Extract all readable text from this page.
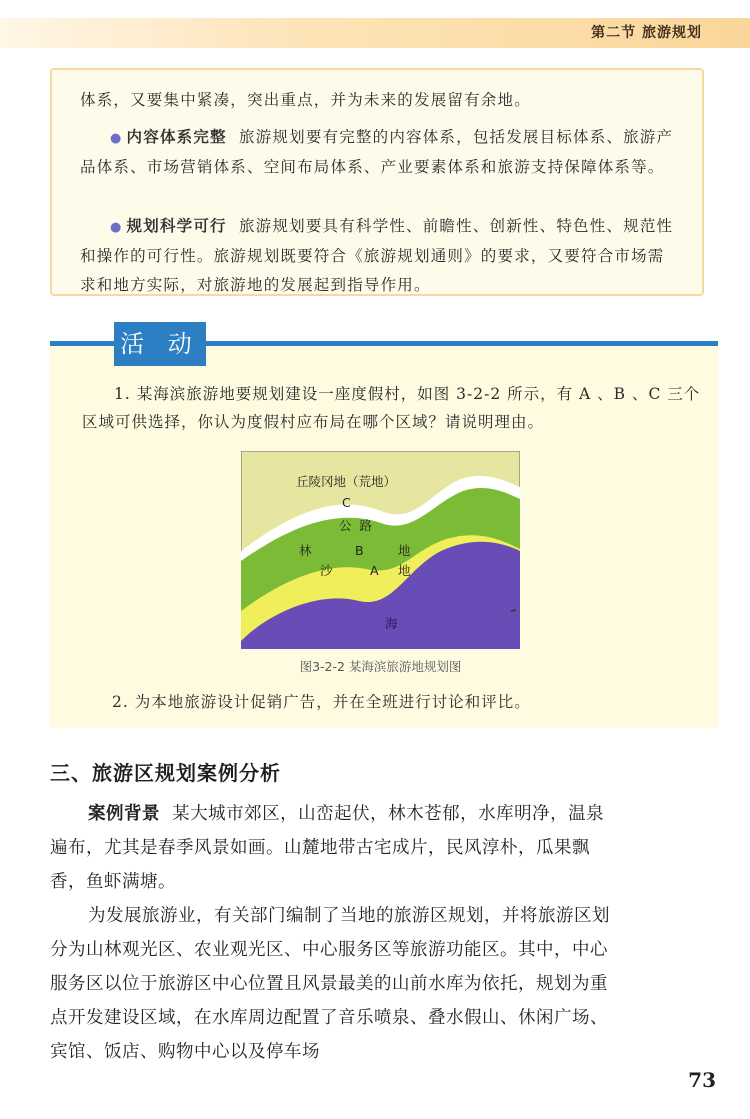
第二节 旅游规划

体系，又要集中紧凑，突出重点，并为未来的发展留有余地。

● 内容体系完整 旅游规划要有完整的内容体系，包括发展目标体系、旅游产品体系、市场营销体系、空间布局体系、产业要素体系和旅游支持保障体系等。

● 规划科学可行 旅游规划要具有科学性、前瞻性、创新性、特色性、规范性和操作的可行性。旅游规划既要符合《旅游规划通则》的要求，又要符合市场需求和地方实际，对旅游地的发展起到指导作用。

活 动

1. 某海滨旅游地要规划建设一座度假村，如图 3-2-2 所示，有 A 、B 、C 三个区域可供选择，你认为度假村应布局在哪个区域？请说明理由。

丘陵冈地（荒地）
C
公  路
林	B	地
沙	A 地
海
图3-2-2 某海滨旅游地规划图

2. 为本地旅游设计促销广告，并在全班进行讨论和评比。

三、旅游区规划案例分析

案例背景 某大城市郊区，山峦起伏，林木苍郁，水库明净，温泉遍布，尤其是春季风景如画。山麓地带古宅成片，民风淳朴，瓜果飘香，鱼虾满塘。

为发展旅游业，有关部门编制了当地的旅游区规划，并将旅游区划分为山林观光区、农业观光区、中心服务区等旅游功能区。其中，中心服务区以位于旅游区中心位置且风景最美的山前水库为依托，规划为重点开发建设区域，在水库周边配置了音乐喷泉、叠水假山、休闲广场、宾馆、饭店、购物中心以及停车场

73
